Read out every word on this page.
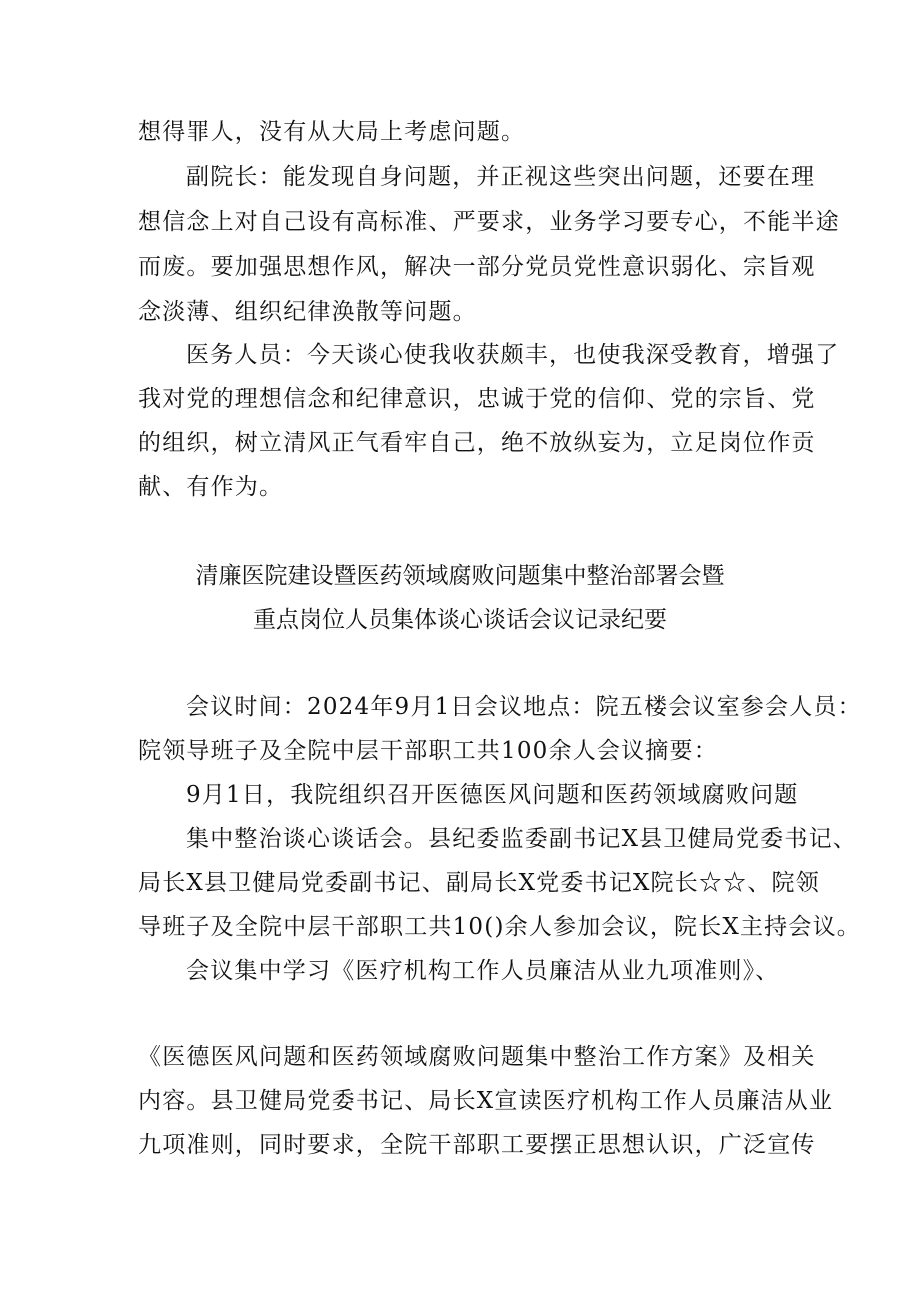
想得罪人，没有从大局上考虑问题。
副院长：能发现自身问题，并正视这些突出问题，还要在理
想信念上对自己设有高标准、严要求，业务学习要专心，不能半途
而废。要加强思想作风，解决一部分党员党性意识弱化、宗旨观
念淡薄、组织纪律涣散等问题。
医务人员：今天谈心使我收获颇丰，也使我深受教育，增强了
我对党的理想信念和纪律意识，忠诚于党的信仰、党的宗旨、党
的组织，树立清风正气看牢自己，绝不放纵妄为，立足岗位作贡
献、有作为。
清廉医院建设暨医药领域腐败问题集中整治部署会暨
重点岗位人员集体谈心谈话会议记录纪要
会议时间：2024年9月1日会议地点：院五楼会议室参会人员：
院领导班子及全院中层干部职工共100余人会议摘要：
9月1日，我院组织召开医德医风问题和医药领域腐败问题
集中整治谈心谈话会。县纪委监委副书记X县卫健局党委书记、
局长X县卫健局党委副书记、副局长X党委书记X院长☆☆、院领
导班子及全院中层干部职工共10()余人参加会议，院长X主持会议。
会议集中学习《医疗机构工作人员廉洁从业九项准则》、
《医德医风问题和医药领域腐败问题集中整治工作方案》及相关
内容。县卫健局党委书记、局长X宣读医疗机构工作人员廉洁从业
九项准则，同时要求，全院干部职工要摆正思想认识，广泛宣传
